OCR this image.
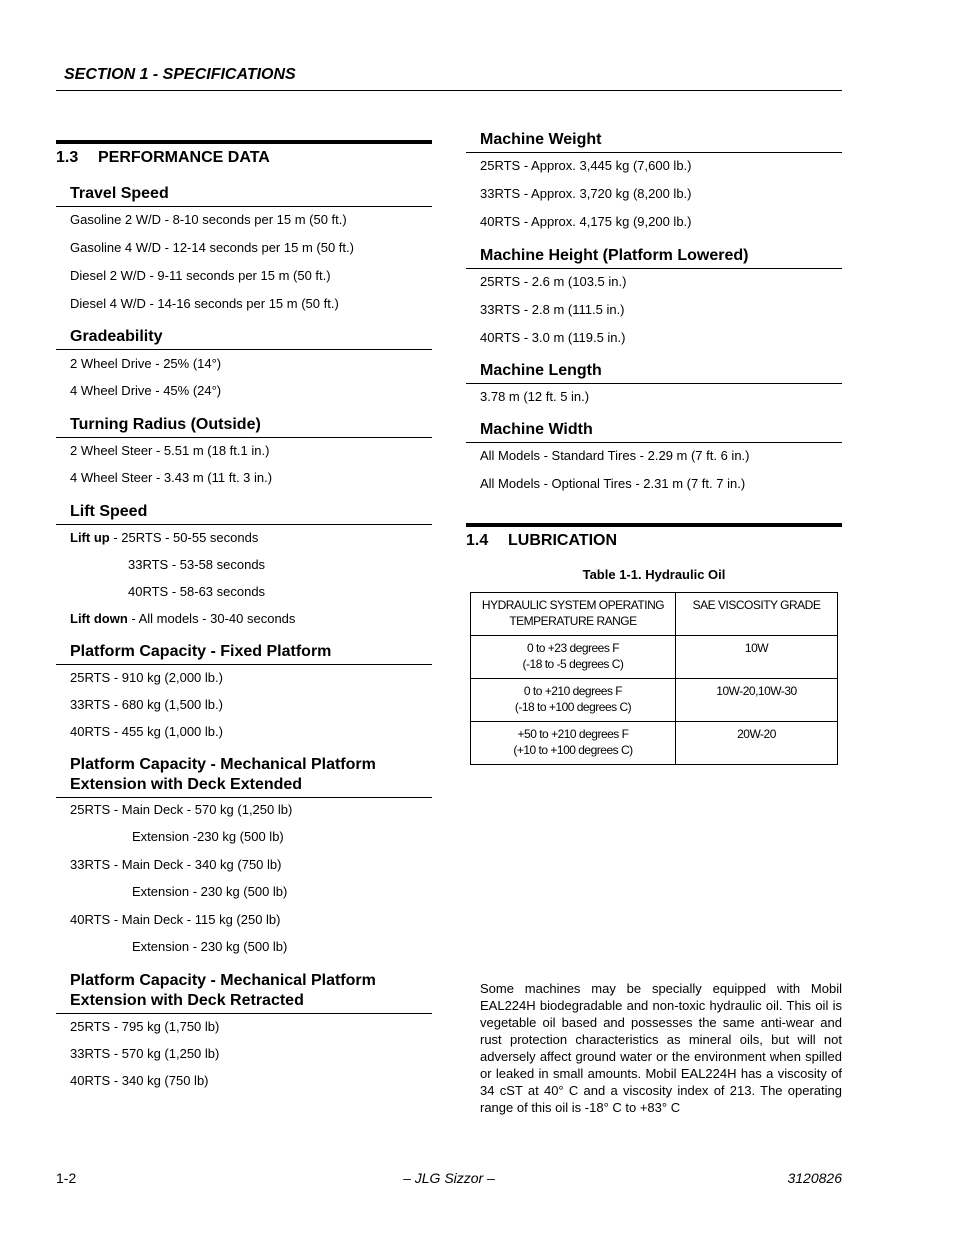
SECTION 1 - SPECIFICATIONS
1.3 PERFORMANCE DATA
Travel Speed
Gasoline 2 W/D - 8-10 seconds per 15 m (50 ft.)
Gasoline 4 W/D - 12-14 seconds per 15 m (50 ft.)
Diesel 2 W/D - 9-11 seconds per 15 m (50 ft.)
Diesel 4 W/D - 14-16 seconds per 15 m (50 ft.)
Gradeability
2 Wheel Drive - 25% (14°)
4 Wheel Drive - 45% (24°)
Turning Radius (Outside)
2 Wheel Steer - 5.51 m (18 ft.1 in.)
4 Wheel Steer - 3.43 m (11 ft. 3 in.)
Lift Speed
Lift up - 25RTS - 50-55 seconds
33RTS - 53-58 seconds
40RTS - 58-63 seconds
Lift down - All models - 30-40 seconds
Platform Capacity - Fixed Platform
25RTS - 910 kg (2,000 lb.)
33RTS - 680 kg (1,500 lb.)
40RTS - 455 kg (1,000 lb.)
Platform Capacity - Mechanical Platform
Extension with Deck Extended
25RTS - Main Deck - 570 kg (1,250 lb)
Extension -230 kg (500 lb)
33RTS - Main Deck - 340 kg (750 lb)
Extension - 230 kg (500 lb)
40RTS - Main Deck - 115 kg (250 lb)
Extension - 230 kg (500 lb)
Platform Capacity - Mechanical Platform
Extension with Deck Retracted
25RTS - 795 kg (1,750 lb)
33RTS - 570 kg (1,250 lb)
40RTS - 340 kg (750 lb)
Machine Weight
25RTS - Approx. 3,445 kg (7,600 lb.)
33RTS - Approx. 3,720 kg (8,200 lb.)
40RTS - Approx. 4,175 kg (9,200 lb.)
Machine Height (Platform Lowered)
25RTS - 2.6 m (103.5 in.)
33RTS - 2.8 m (111.5 in.)
40RTS - 3.0 m (119.5 in.)
Machine Length
3.78 m (12 ft. 5 in.)
Machine Width
All Models - Standard Tires - 2.29 m (7 ft. 6 in.)
All Models - Optional Tires - 2.31 m (7 ft. 7 in.)
1.4 LUBRICATION
Table 1-1. Hydraulic Oil
HYDRAULIC SYSTEM OPERATING
TEMPERATURE RANGE	SAE VISCOSITY GRADE

0 to +23 degrees F
(-18 to -5 degrees C)	10W

0 to +210 degrees F
(-18 to +100 degrees C)	10W-20,10W-30

+50 to +210 degrees F
(+10 to +100 degrees C)	20W-20
Some machines may be specially equipped with Mobil EAL224H biodegradable and non-toxic hydraulic oil. This oil is vegetable oil based and possesses the same anti-wear and rust protection characteristics as mineral oils, but will not adversely affect ground water or the environment when spilled or leaked in small amounts. Mobil EAL224H has a viscosity of 34 cST at 40° C and a viscosity index of 213. The operating range of this oil is -18° C to +83° C
1-2	– JLG Sizzor –	3120826
